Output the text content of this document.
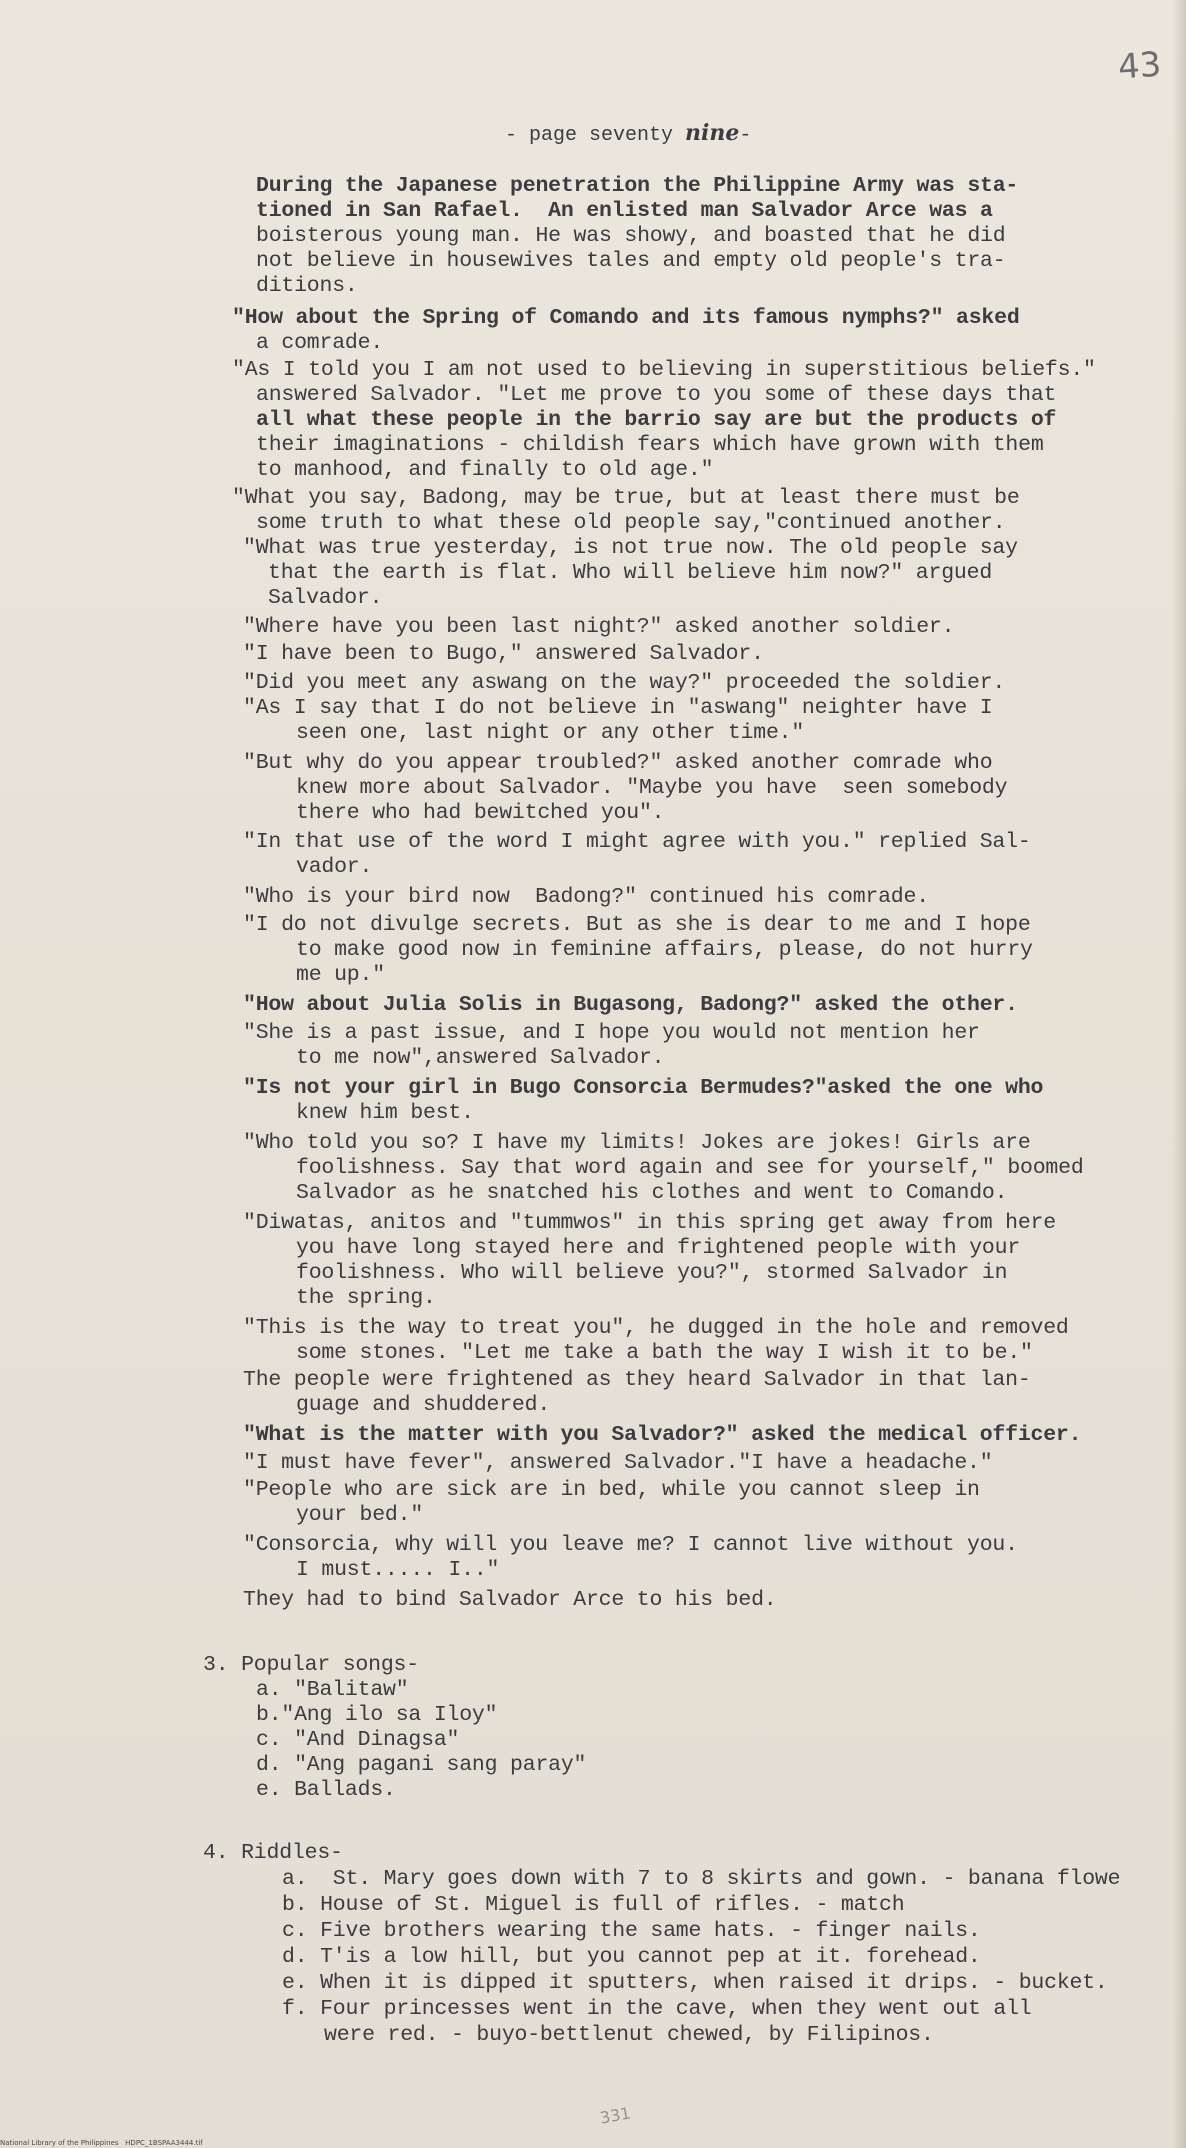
43
- page seventy nine-
During the Japanese penetration the Philippine Army was sta-
tioned in San Rafael.  An enlisted man Salvador Arce was a
boisterous young man. He was showy, and boasted that he did
not believe in housewives tales and empty old people's tra-
ditions.
"How about the Spring of Comando and its famous nymphs?" asked
a comrade.
"As I told you I am not used to believing in superstitious beliefs."
answered Salvador. "Let me prove to you some of these days that
all what these people in the barrio say are but the products of
their imaginations - childish fears which have grown with them
to manhood, and finally to old age."
"What you say, Badong, may be true, but at least there must be
some truth to what these old people say,"continued another.
"What was true yesterday, is not true now. The old people say
that the earth is flat. Who will believe him now?" argued
Salvador.
"Where have you been last night?" asked another soldier.
"I have been to Bugo," answered Salvador.
"Did you meet any aswang on the way?" proceeded the soldier.
"As I say that I do not believe in "aswang" neighter have I
seen one, last night or any other time."
"But why do you appear troubled?" asked another comrade who
knew more about Salvador. "Maybe you have  seen somebody
there who had bewitched you".
"In that use of the word I might agree with you." replied Sal-
vador.
"Who is your bird now  Badong?" continued his comrade.
"I do not divulge secrets. But as she is dear to me and I hope
to make good now in feminine affairs, please, do not hurry
me up."
"How about Julia Solis in Bugasong, Badong?" asked the other.
"She is a past issue, and I hope you would not mention her
to me now",answered Salvador.
"Is not your girl in Bugo Consorcia Bermudes?"asked the one who
knew him best.
"Who told you so? I have my limits! Jokes are jokes! Girls are
foolishness. Say that word again and see for yourself," boomed
Salvador as he snatched his clothes and went to Comando.
"Diwatas, anitos and "tummwos" in this spring get away from here
you have long stayed here and frightened people with your
foolishness. Who will believe you?", stormed Salvador in
the spring.
"This is the way to treat you", he dugged in the hole and removed
some stones. "Let me take a bath the way I wish it to be."
The people were frightened as they heard Salvador in that lan-
guage and shuddered.
"What is the matter with you Salvador?" asked the medical officer.
"I must have fever", answered Salvador."I have a headache."
"People who are sick are in bed, while you cannot sleep in
your bed."
"Consorcia, why will you leave me? I cannot live without you.
I must..... I.."
They had to bind Salvador Arce to his bed.
3. Popular songs-
a. "Balitaw"
b."Ang ilo sa Iloy"
c. "And Dinagsa"
d. "Ang pagani sang paray"
e. Ballads.
4. Riddles-
a.  St. Mary goes down with 7 to 8 skirts and gown. - banana flowe
b. House of St. Miguel is full of rifles. - match
c. Five brothers wearing the same hats. - finger nails.
d. T'is a low hill, but you cannot pep at it. forehead.
e. When it is dipped it sputters, when raised it drips. - bucket.
f. Four princesses went in the cave, when they went out all
were red. - buyo-bettlenut chewed, by Filipinos.
331
National Library of the Philippines   HDPC_1BSPAA3444.tif
